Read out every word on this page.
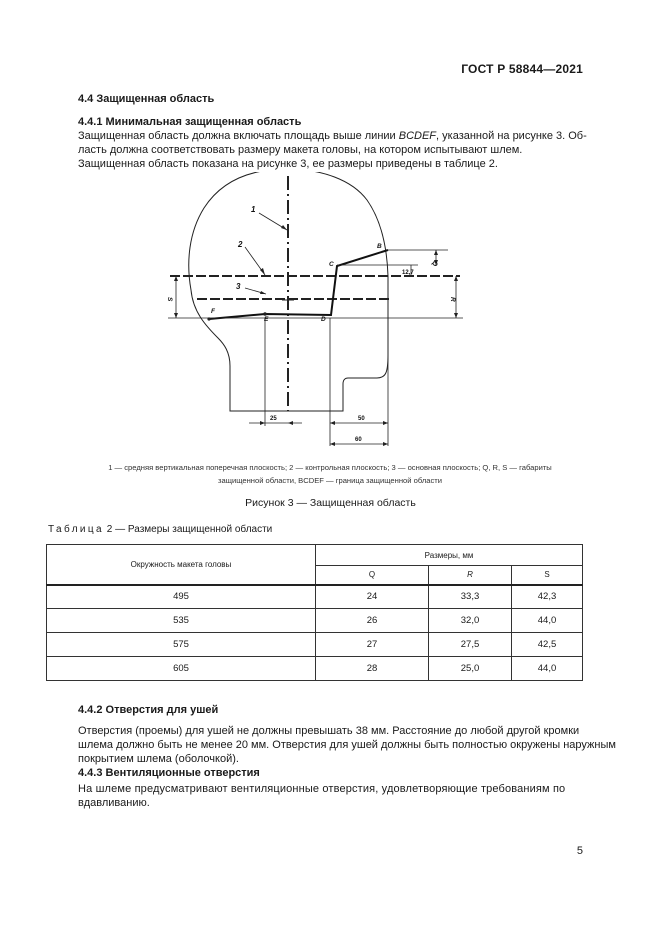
ГОСТ Р 58844—2021
4.4 Защищенная область
4.4.1 Минимальная защищенная область
Защищенная область должна включать площадь выше линии BCDEF, указанной на рисунке 3. Об-
ласть должна соответствовать размеру макета головы, на котором испытывают шлем.
Защищенная область показана на рисунке 3, ее размеры приведены в таблице 2.
1
2
3
B
C
D
E
F
Q
R
S
12,7
25	50
60
1 — средняя вертикальная поперечная плоскость; 2 — контрольная плоскость; 3 — основная плоскость; Q, R, S — габариты
защищенной области, BCDEF — граница защищенной области
Рисунок 3 — Защищенная область
Таблица 2 — Размеры защищенной области
Окружность макета головы	Размеры, мм		
	Q	R	S
495	24	33,3	42,3
535	26	32,0	44,0
575	27	27,5	42,5
605	28	25,0	44,0
4.4.2 Отверстия для ушей
Отверстия (проемы) для ушей не должны превышать 38 мм. Расстояние до любой другой кромки
шлема должно быть не менее 20 мм. Отверстия для ушей должны быть полностью окружены наружным
покрытием шлема (оболочкой).
4.4.3 Вентиляционные отверстия
На шлеме предусматривают вентиляционные отверстия, удовлетворяющие требованиям по
вдавливанию.
5
